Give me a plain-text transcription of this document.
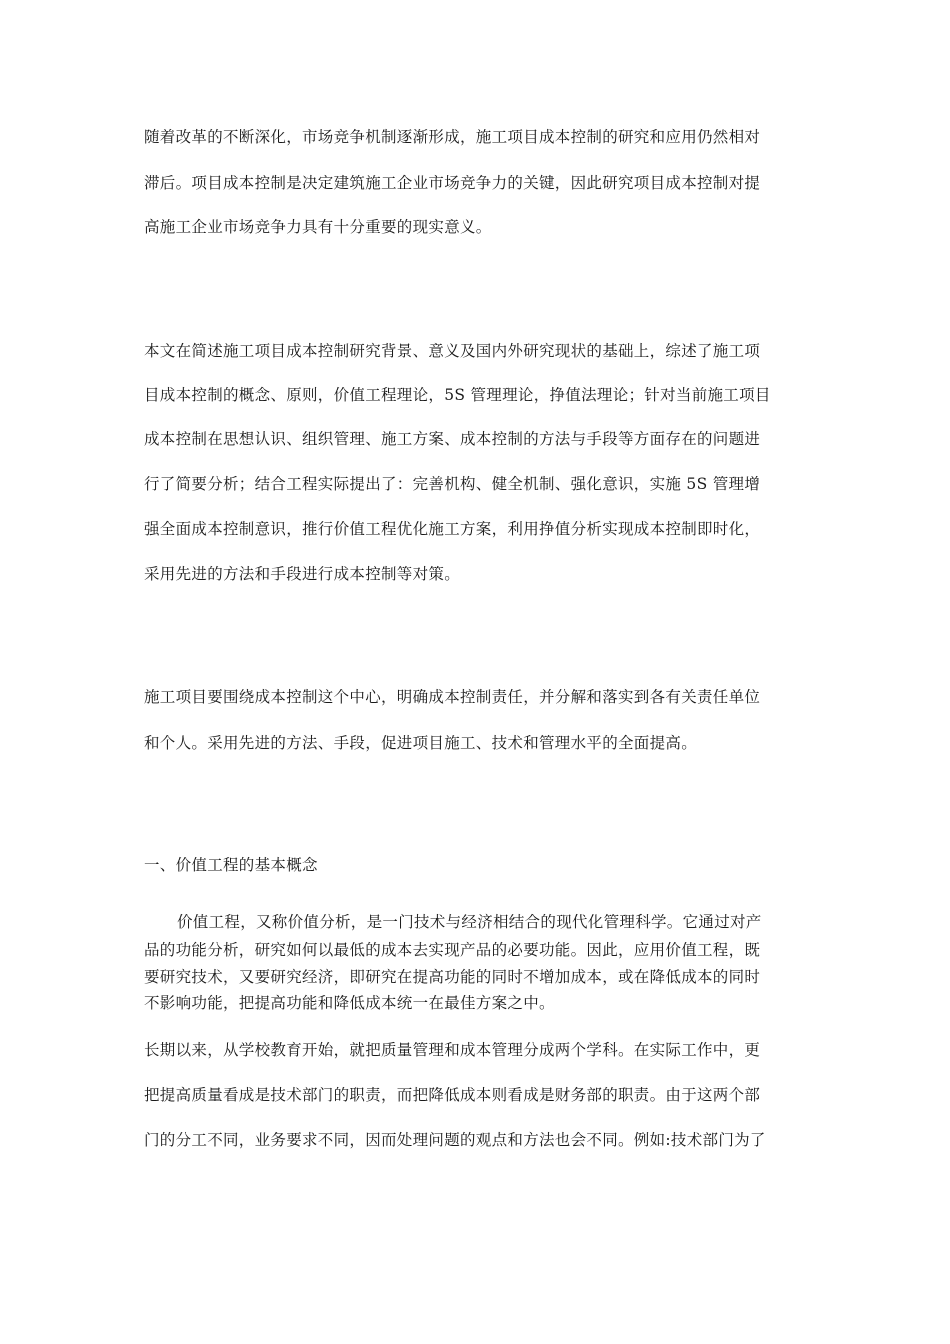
随着改革的不断深化，市场竞争机制逐渐形成，施工项目成本控制的研究和应用仍然相对

滞后。项目成本控制是决定建筑施工企业市场竞争力的关键，因此研究项目成本控制对提

高施工企业市场竞争力具有十分重要的现实意义。

本文在简述施工项目成本控制研究背景、意义及国内外研究现状的基础上，综述了施工项

目成本控制的概念、原则，价值工程理论，5S 管理理论，挣值法理论；针对当前施工项目

成本控制在思想认识、组织管理、施工方案、成本控制的方法与手段等方面存在的问题进

行了简要分析；结合工程实际提出了：完善机构、健全机制、强化意识，实施 5S 管理增

强全面成本控制意识，推行价值工程优化施工方案，利用挣值分析实现成本控制即时化，

采用先进的方法和手段进行成本控制等对策。

施工项目要围绕成本控制这个中心，明确成本控制责任，并分解和落实到各有关责任单位

和个人。采用先进的方法、手段，促进项目施工、技术和管理水平的全面提高。

一、价值工程的基本概念

价值工程，又称价值分析，是一门技术与经济相结合的现代化管理科学。它通过对产

品的功能分析，研究如何以最低的成本去实现产品的必要功能。因此，应用价值工程，既

要研究技术，又要研究经济，即研究在提高功能的同时不增加成本，或在降低成本的同时

不影响功能，把提高功能和降低成本统一在最佳方案之中。

长期以来，从学校教育开始，就把质量管理和成本管理分成两个学科。在实际工作中，更

把提高质量看成是技术部门的职责，而把降低成本则看成是财务部的职责。由于这两个部

门的分工不同，业务要求不同，因而处理问题的观点和方法也会不同。例如:技术部门为了
